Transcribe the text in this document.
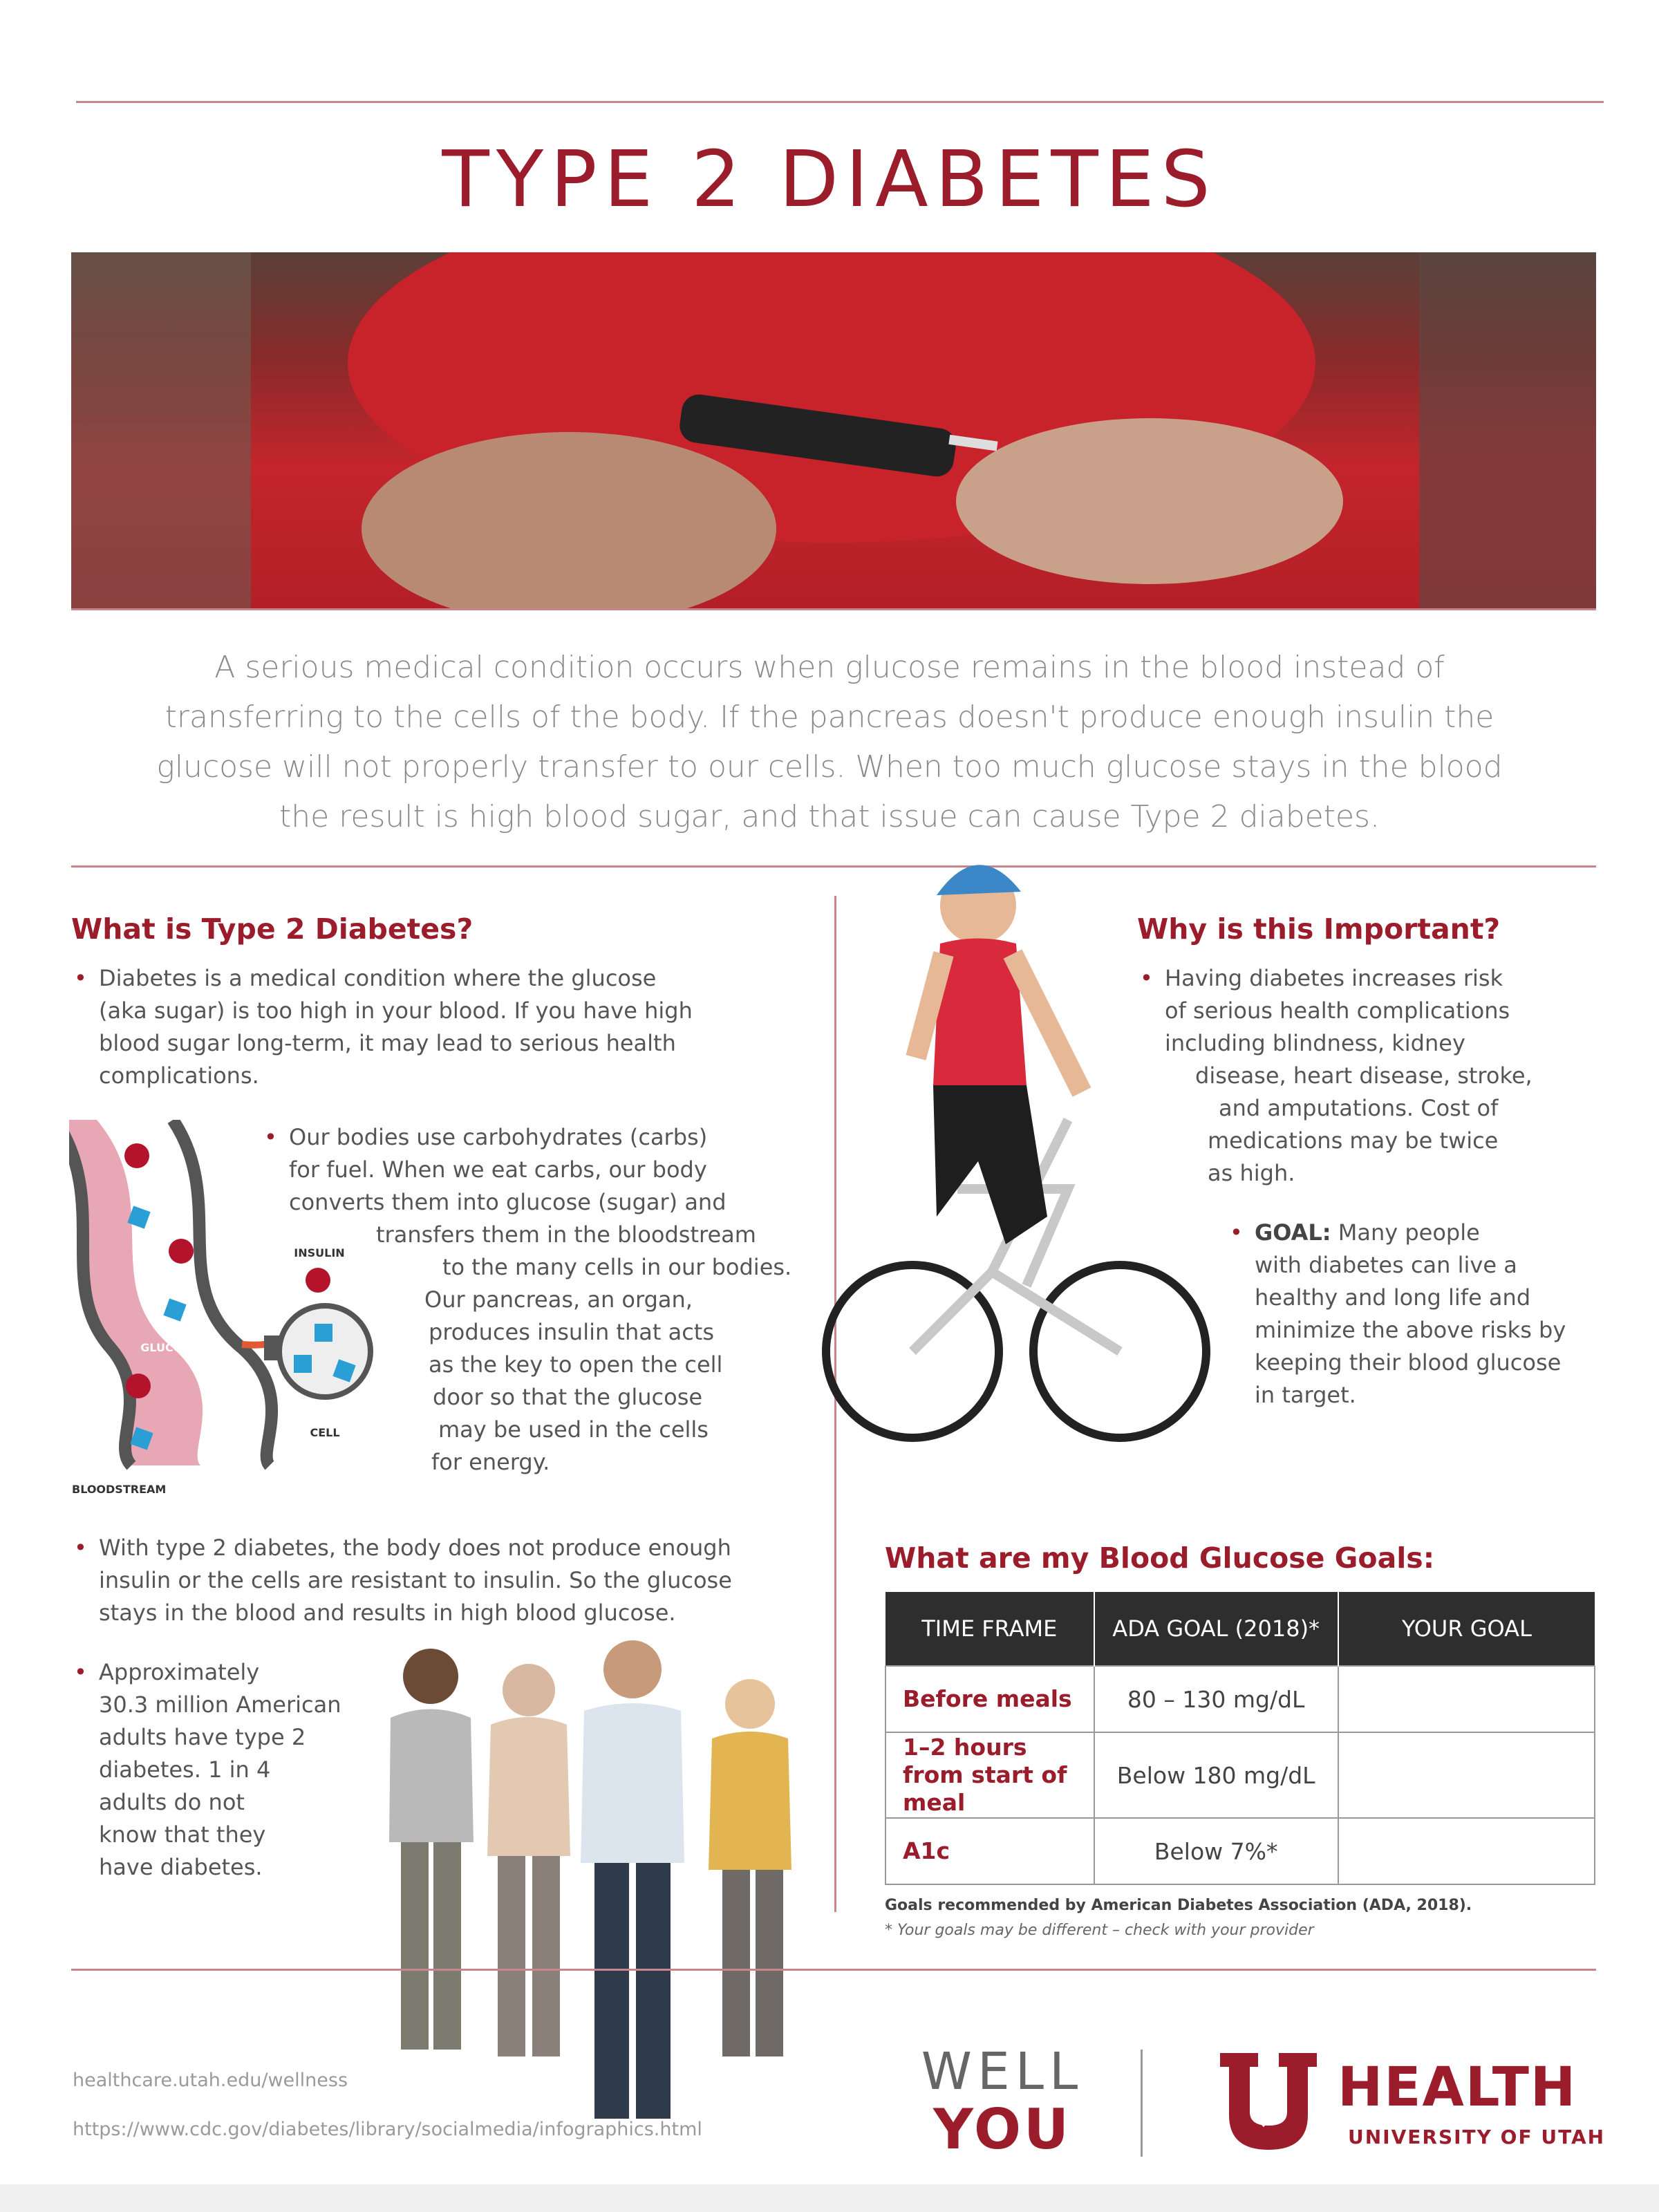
TYPE 2 DIABETES

A serious medical condition occurs when glucose remains in the blood instead of

transferring to the cells of the body. If the pancreas doesn't produce enough insulin the

glucose will not properly transfer to our cells. When too much glucose stays in the blood

the result is high blood sugar, and that issue can cause Type 2 diabetes.

What is Type 2 Diabetes?
• Diabetes is a medical condition where the glucose
(aka sugar) is too high in your blood. If you have high
blood sugar long-term, it may lead to serious health
complications.
INSULIN
GLUCOSE
CELL
BLOODSTREAM
• Our bodies use carbohydrates (carbs)
for fuel. When we eat carbs, our body
converts them into glucose (sugar) and
transfers them in the bloodstream
to the many cells in our bodies.
Our pancreas, an organ,
produces insulin that acts
as the key to open the cell
door so that the glucose
may be used in the cells
for energy.
• With type 2 diabetes, the body does not produce enough
insulin or the cells are resistant to insulin. So the glucose
stays in the blood and results in high blood glucose.
• Approximately
30.3 million American
adults have type 2
diabetes. 1 in 4
adults do not
know that they
have diabetes.
Why is this Important?
• Having diabetes increases risk
of serious health complications
including blindness, kidney
disease, heart disease, stroke,
and amputations. Cost of
medications may be twice
as high.
• GOAL: Many people
with diabetes can live a
healthy and long life and
minimize the above risks by
keeping their blood glucose
in target.
What are my Blood Glucose Goals:
TIME FRAME	ADA GOAL (2018)*	YOUR GOAL
Before meals	80 – 130 mg/dL	
1–2 hours from start of meal	Below 180 mg/dL	
A1c	Below 7%*	
Goals recommended by American Diabetes Association (ADA, 2018).
* Your goals may be different – check with your provider
healthcare.utah.edu/wellness
https://www.cdc.gov/diabetes/library/socialmedia/infographics.html
WELL
YOU
HEALTH
UNIVERSITY OF UTAH
